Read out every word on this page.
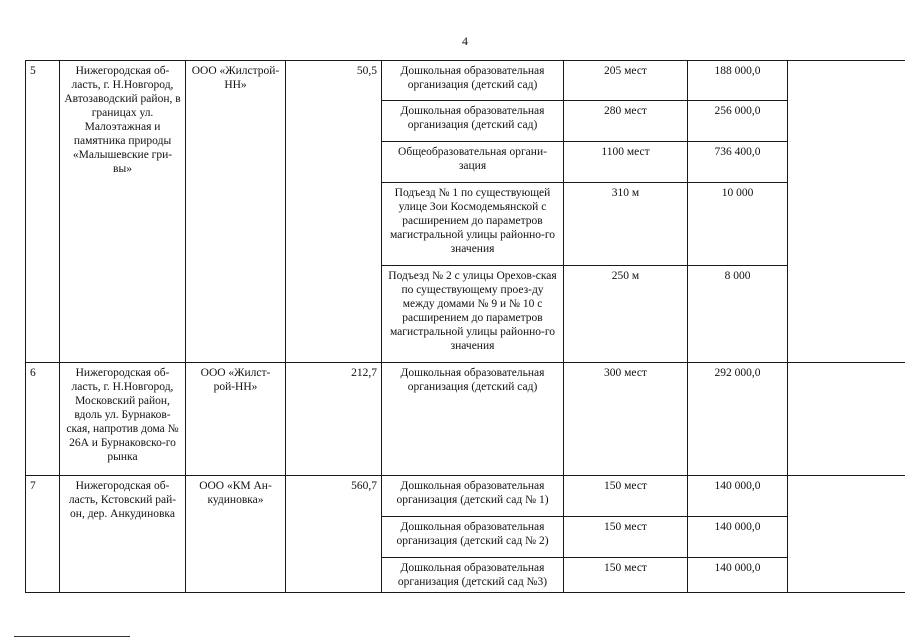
4
5	Нижегородская об-ласть, г. Н.Новгород, Автозаводский район, в границах ул. Малоэтажная и памятника природы «Малышевские гри-вы»	ООО «Жилстрой-НН»	50,5	Дошкольная образовательная организация (детский сад)	205 мест	188 000,0	
				Дошкольная образовательная организация (детский сад)	280 мест	256 000,0	
				Общеобразовательная органи-зация	1100 мест	736 400,0	
				Подъезд № 1 по существующей улице Зои Космодемьянской с расширением до параметров магистральной улицы районно-го значения	310 м	10 000	
				Подъезд № 2 с улицы Орехов-ская по существующему проез-ду между домами № 9 и № 10 с расширением до параметров магистральной улицы районно-го значения	250 м	8 000	
6	Нижегородская об-ласть, г. Н.Новгород, Московский район, вдоль ул. Бурнаков-ская, напротив дома № 26А и Бурнаковско-го рынка	ООО «Жилст-рой-НН»	212,7	Дошкольная образовательная организация (детский сад)	300 мест	292 000,0	
7	Нижегородская об-ласть, Кстовский рай-он, дер. Анкудиновка	ООО «КМ Ан-кудиновка»	560,7	Дошкольная образовательная организация (детский сад № 1)	150 мест	140 000,0	
				Дошкольная образовательная организация (детский сад № 2)	150 мест	140 000,0	
				Дошкольная образовательная организация (детский сад №3)	150 мест	140 000,0	
